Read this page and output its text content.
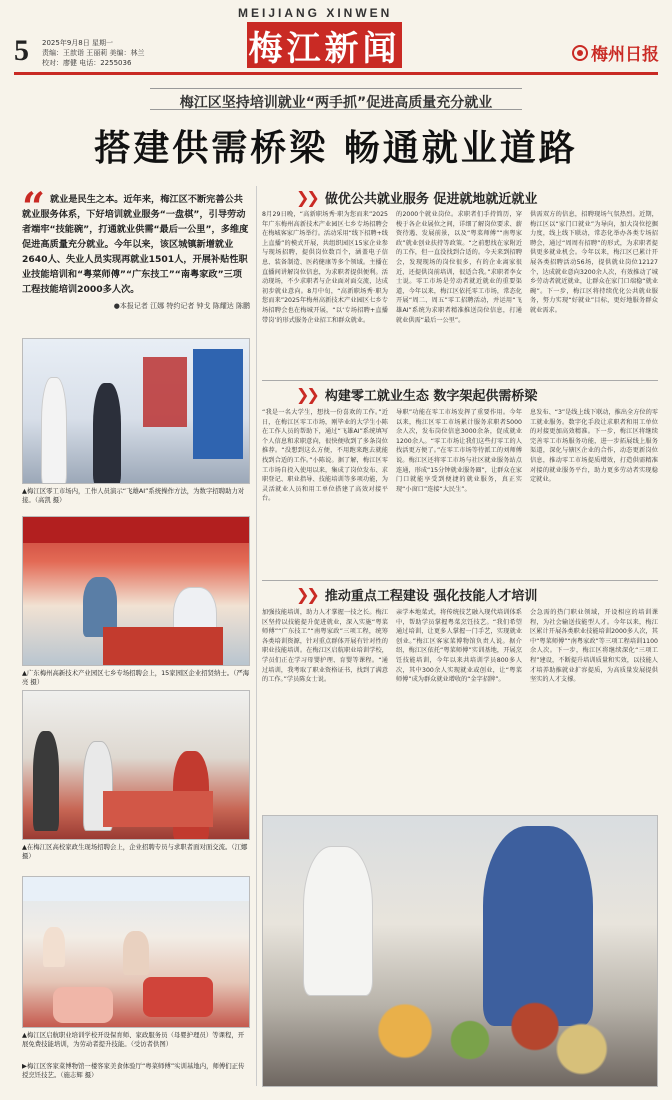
5 2025年9月8日 星期一
责编：王歆诣 王丽莉 美编：林兰
校对：廖健 电话：2255036
MEIJIANG XINWEN
梅江新闻	梅州日报
梅江区坚持培训就业“两手抓”促进高质量充分就业
搭建供需桥梁 畅通就业道路
“ 就业是民生之本。近年来，梅江区不断完善公共就业服务体系，下好培训就业服务“一盘棋”，引导劳动者端牢“技能碗”，打通就业供需“最后一公里”，多维度促进高质量充分就业。今年以来，该区城镇新增就业2640人、失业人员实现再就业1501人，开展补贴性职业技能培训和“粤菜师傅”“广东技工”“南粤家政”三项工程技能培训2000多人次。

●本报记者 江娜 特约记者 钟戈 陈耀达 陈鹏

▲梅江区零工市场内，工作人员演示“飞雄AI”系统操作方法，为数字招聘助力对接。（高凯 摄）
▲广东梅州高新技术产业园区七乡专场招聘会上，15家园区企业招贤纳士。（严海亮 摄）
▲在梅江区高校家政生现场招聘会上，企业招聘专员与求职者面对面交流。（江娜 摄）
▲梅江区启航职业培训学校开设保育师、家政服务员（母婴护理员）等课程，开展免费技能培训，为劳动者提升技能。（受访者供图）
▶梅江区客家菜博物馆一楼客家美食体验厅“粤菜师傅”实训基地内，师傅们正传授烹饪技艺。（施志辉 摄）
❯❯ 做优公共就业服务 促进就地就近就业
8月29日晚，“高新职场秀·职为您而来”2025年广东梅州高新技术产业园区七乡专场招聘会在梅城客家广场举行。活动采用“线下招聘+线上直播”的模式开展，共组织园区15家企业参与现场招聘，提供岗位数百个，涵盖电子信息、装备制造、医药健康等多个领域。主播在直播间讲解岗位信息，为求职者提供便利。活动现场，不少求职者与企业面对面交流，达成初步就业意向。8月中旬，“高新职场秀·职为您而来”2025年梅州高新技术产业园区七乡专场招聘会也在梅城开展，“以‘专场招聘+直播带岗’的形式服务企业招工和群众就业。
的2000个就业岗位。求职者们手持简历，穿梭于各企业展位之间，详细了解岗位要求、薪资待遇、发展前景，以及“粤菜师傅”“南粤家政”就业创业扶持等政策。“之前想找在家附近的工作，但一直没找到合适的。今天来到招聘会，发现现场的岗位很多，有的企业离家很近，还提供岗前培训，很适合我。”求职者李女士说。零工市场是劳动者就近就业的重要渠道，今年以来，梅江区依托零工市场，常态化开展“周二、周五”零工招聘活动，并运用“飞雄AI”系统为求职者精准推送岗位信息，打通就业供需“最后一公里”。
供需双方的信息，招聘现场气氛热烈。近期，梅江区以“家门口就业”为导向，加大岗位挖掘力度，线上线下联动，常态化举办各类专场招聘会，通过“周周有招聘”的形式，为求职者提供更多就业机会。今年以来，梅江区已累计开展各类招聘活动56场，提供就业岗位12127个，达成就业意向3200余人次，有效推动了城乡劳动者就近就业，让群众在家门口端稳“就业碗”。下一步，梅江区将持续优化公共就业服务，努力实现“好就业”目标，更好地服务群众就业需求。
❯❯ 构建零工就业生态 数字架起供需桥梁
“我是一名大学生，想找一份喜欢的工作。”近日，在梅江区零工市场，刚毕业的大学生小陈在工作人员的帮助下，通过“飞雄AI”系统填写个人信息和求职意向，很快便收到了多条岗位推荐。“没想到这么方便，不用跑来跑去就能找到合适的工作。”小陈说。据了解，梅江区零工市场自投入使用以来，集成了岗位发布、求职登记、职业指导、技能培训等多项功能，为灵活就业人员和用工单位搭建了高效对接平台。
导职”功能在零工市场发挥了重要作用。今年以来，梅江区零工市场累计服务求职者5000余人次，发布岗位信息3000余条，促成就业1200余人。“零工市场让我们这些打零工的人找活更方便了。”在零工市场等待派工的刘师傅说。梅江区还将零工市场与社区就业服务站点连通，形成“15分钟就业服务圈”，让群众在家门口就能享受到便捷的就业服务，真正实现“小窗口”连接“大民生”。
息发布、“3”是线上线下联动，推出全方位的零工就业服务。数字化手段让求职者和用工单位的对接更加高效精准。下一步，梅江区将继续完善零工市场服务功能，进一步拓展线上服务渠道，深化与辖区企业的合作，动态更新岗位信息，推动零工市场提质增效，打造供需精准对接的就业服务平台，助力更多劳动者实现稳定就业。
❯❯ 推动重点工程建设 强化技能人才培训
加强技能培训，助力人才掌握一技之长。梅江区坚持以技能提升促进就业，深入实施“粤菜师傅”“广东技工”“南粤家政”三项工程，统筹各类培训资源，针对重点群体开展有针对性的职业技能培训。在梅江区启航职业培训学校，学员们正在学习母婴护理、育婴等课程。“通过培训，我考取了职业资格证书，找到了满意的工作。”学员陈女士说。
亲学本地菜式，将传统技艺融入现代培训体系中，帮助学员掌握粤菜烹饪技艺。“我们希望通过培训，让更多人掌握一门手艺，实现就业创业。”梅江区客家菜博物馆负责人说。据介绍，梅江区依托“粤菜师傅”实训基地，开展烹饪技能培训，今年以来共培训学员800多人次，其中300余人实现就业或创业，让“粤菜师傅”成为群众就业增收的“金字招牌”。
会急需的热门职业领域，开设相应的培训课程，为社会输送技能型人才。今年以来，梅江区累计开展各类职业技能培训2000多人次，其中“粤菜师傅”“南粤家政”等三项工程培训1100余人次。下一步，梅江区将继续深化“三项工程”建设，不断提升培训质量和实效，以技能人才培养助推就业扩容提质，为高质量发展提供坚实的人才支撑。
